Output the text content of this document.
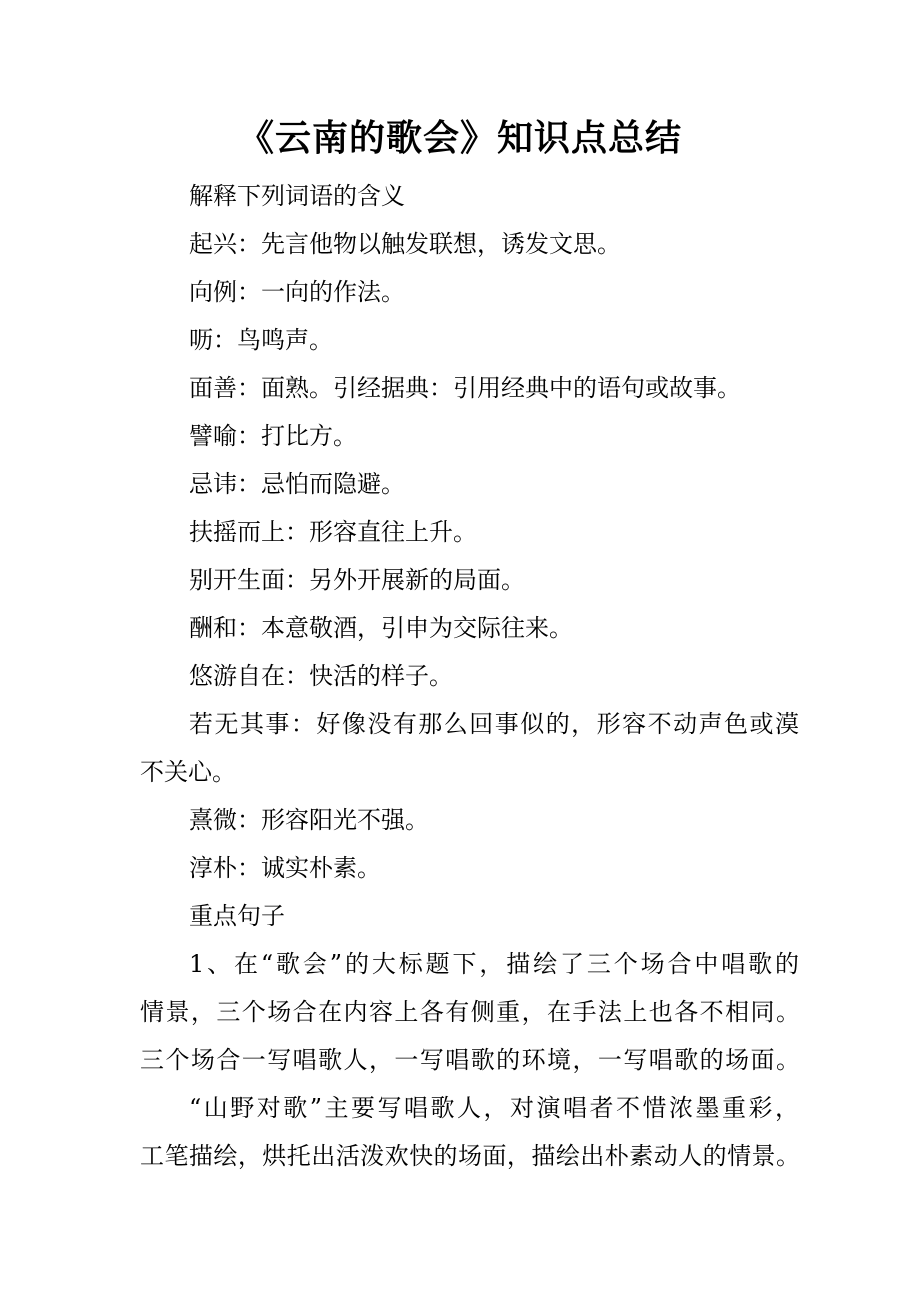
《云南的歌会》知识点总结
解释下列词语的含义
起兴：先言他物以触发联想，诱发文思。
向例：一向的作法。
呖：鸟鸣声。
面善：面熟。引经据典：引用经典中的语句或故事。
譬喻：打比方。
忌讳：忌怕而隐避。
扶摇而上：形容直往上升。
别开生面：另外开展新的局面。
酬和：本意敬酒，引申为交际往来。
悠游自在：快活的样子。
若无其事：好像没有那么回事似的，形容不动声色或漠
不关心。
熹微：形容阳光不强。
淳朴：诚实朴素。
重点句子
1、在“歌会”的大标题下，描绘了三个场合中唱歌的
情景，三个场合在内容上各有侧重，在手法上也各不相同。
三个场合一写唱歌人，一写唱歌的环境，一写唱歌的场面。
“山野对歌”主要写唱歌人，对演唱者不惜浓墨重彩，
工笔描绘，烘托出活泼欢快的场面，描绘出朴素动人的情景。
